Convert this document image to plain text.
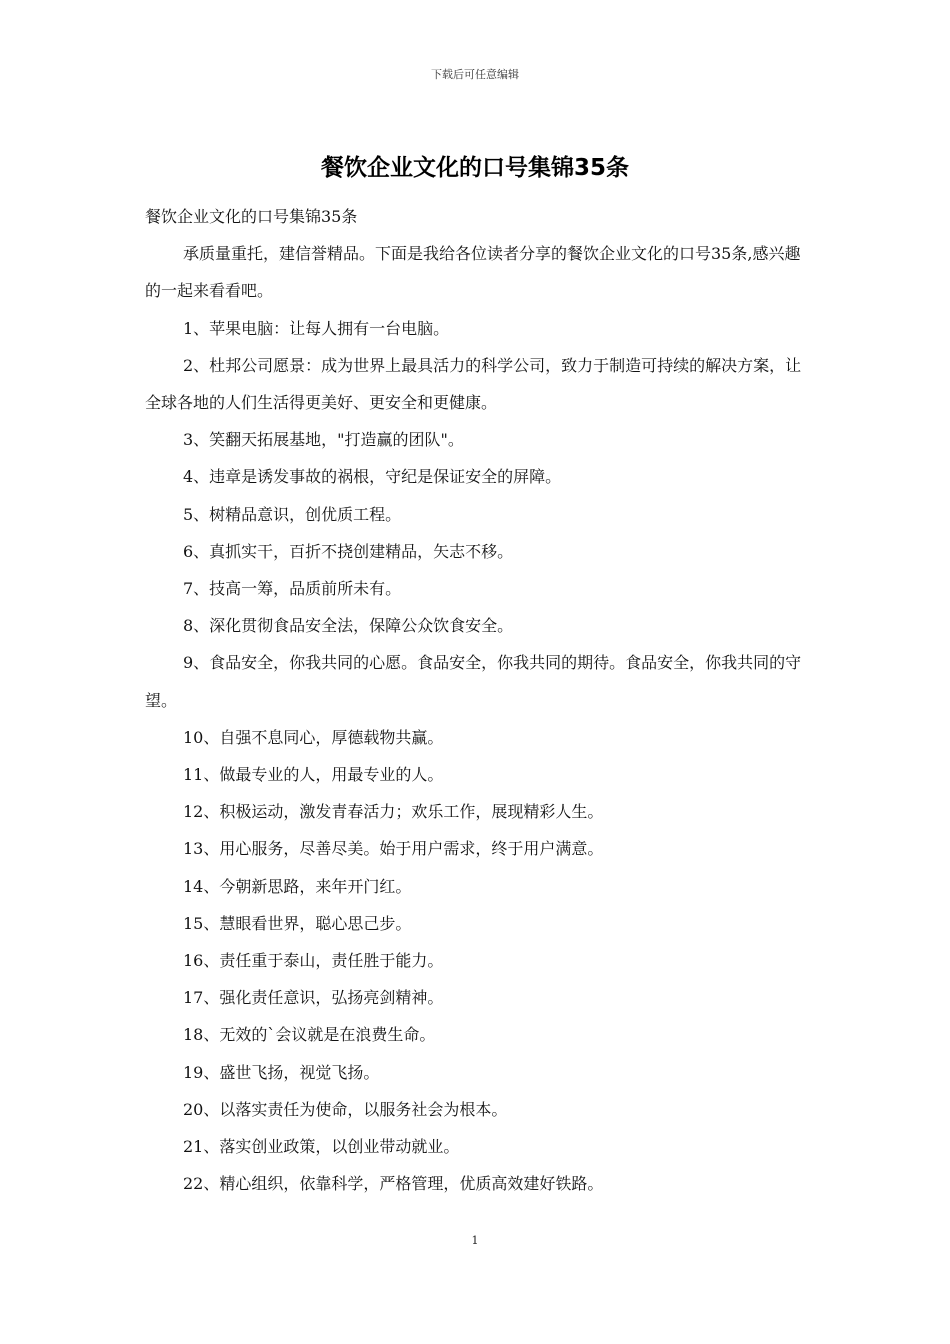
下载后可任意编辑
餐饮企业文化的口号集锦35条

餐饮企业文化的口号集锦35条

承质量重托，建信誉精品。下面是我给各位读者分享的餐饮企业文化的口号35条,感兴趣的一起来看看吧。

1、苹果电脑：让每人拥有一台电脑。

2、杜邦公司愿景：成为世界上最具活力的科学公司，致力于制造可持续的解决方案，让全球各地的人们生活得更美好、更安全和更健康。

3、笑翻天拓展基地，"打造赢的团队"。

4、违章是诱发事故的祸根，守纪是保证安全的屏障。

5、树精品意识，创优质工程。

6、真抓实干，百折不挠创建精品，矢志不移。

7、技高一筹，品质前所未有。

8、深化贯彻食品安全法，保障公众饮食安全。

9、食品安全，你我共同的心愿。食品安全，你我共同的期待。食品安全，你我共同的守望。

10、自强不息同心，厚德载物共赢。

11、做最专业的人，用最专业的人。

12、积极运动，激发青春活力；欢乐工作，展现精彩人生。

13、用心服务，尽善尽美。始于用户需求，终于用户满意。

14、今朝新思路，来年开门红。

15、慧眼看世界，聪心思己步。

16、责任重于泰山，责任胜于能力。

17、强化责任意识，弘扬亮剑精神。

18、无效的`会议就是在浪费生命。

19、盛世飞扬，视觉飞扬。

20、以落实责任为使命，以服务社会为根本。

21、落实创业政策，以创业带动就业。

22、精心组织，依靠科学，严格管理，优质高效建好铁路。

1
